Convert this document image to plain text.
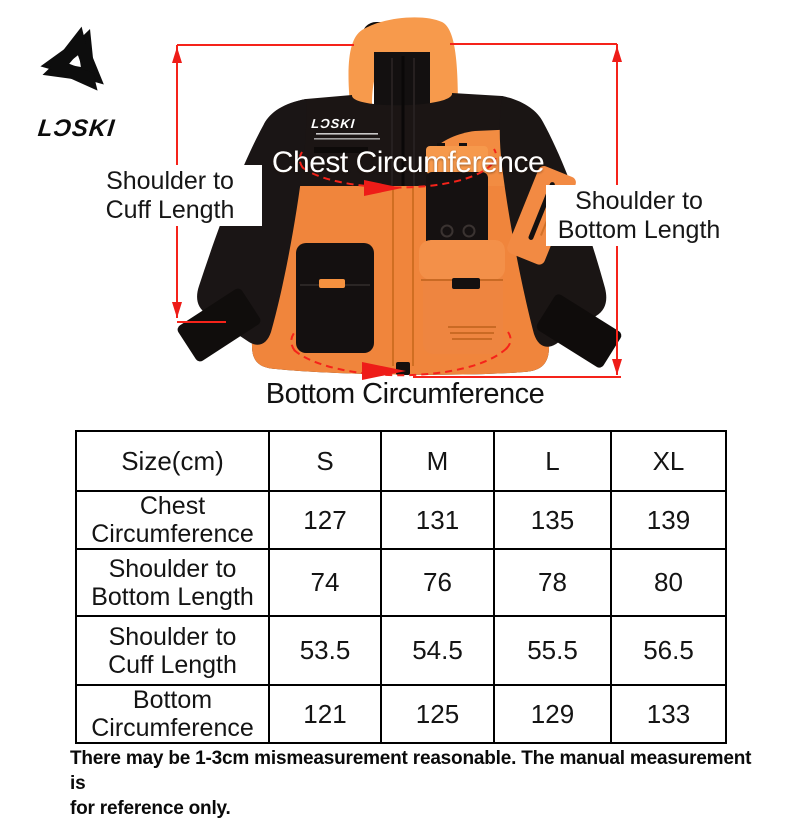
LƆSKI	LƆSKI
Shoulder to
Cuff Length	Shoulder to
Bottom Length
Chest Circumference
Bottom Circumference
Size(cm)	S	M	L	XL
Chest
Circumference	127	131	135	139
Shoulder to
Bottom Length	74	76	78	80
Shoulder to
Cuff Length	53.5	54.5	55.5	56.5
Bottom
Circumference	121	125	129	133
There may be 1-3cm mismeasurement reasonable. The manual measurement is
for reference only.
